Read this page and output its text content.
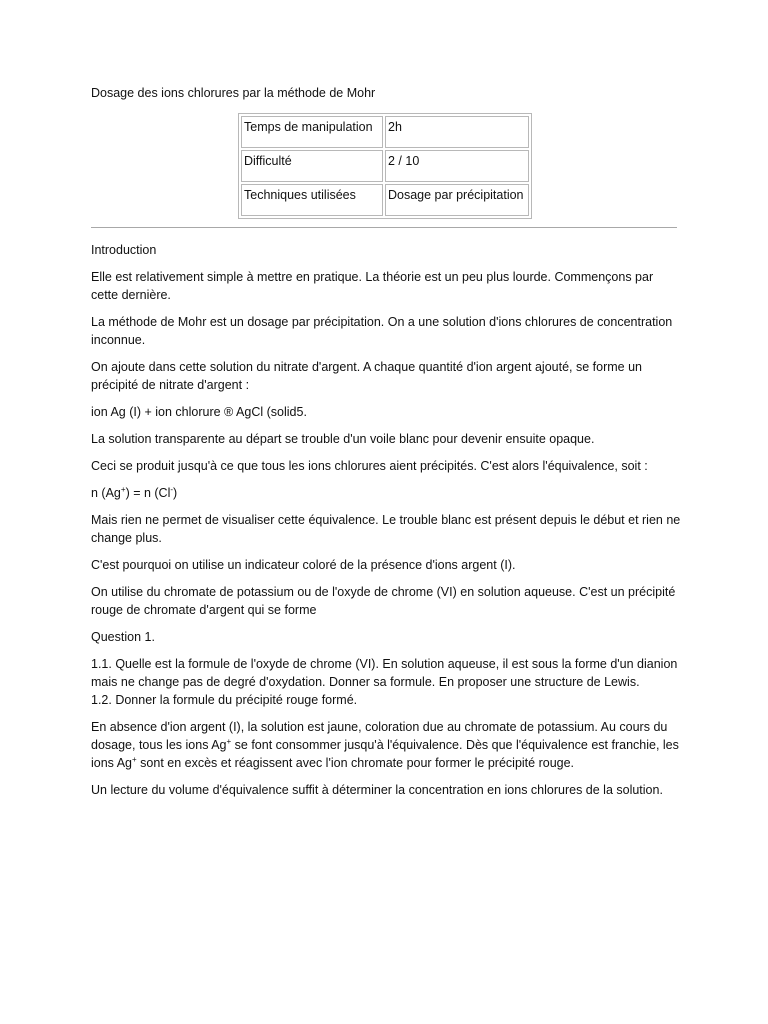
Dosage des ions chlorures par la méthode de Mohr
Temps de manipulation	2h
Difficulté	2 / 10
Techniques utilisées	Dosage par précipitation

Introduction

Elle est relativement simple à mettre en pratique. La théorie est un peu plus lourde. Commençons par cette dernière.

La méthode de Mohr est un dosage par précipitation. On a une solution d'ions chlorures de concentration inconnue.

On ajoute dans cette solution du nitrate d'argent. A chaque quantité d'ion argent ajouté, se forme un précipité de nitrate d'argent :

ion Ag (I) + ion chlorure ® AgCl (solid5.

La solution transparente au départ se trouble d'un voile blanc pour devenir ensuite opaque.

Ceci se produit jusqu'à ce que tous les ions chlorures aient précipités. C'est alors l'équivalence, soit :

n (Ag+) = n (Cl-)

Mais rien ne permet de visualiser cette équivalence. Le trouble blanc est présent depuis le début et rien ne change plus.

C'est pourquoi on utilise un indicateur coloré de la présence d'ions argent (I).

On utilise du chromate de potassium ou de l'oxyde de chrome (VI) en solution aqueuse. C'est un précipité rouge de chromate d'argent qui se forme

Question 1.

1.1. Quelle est la formule de l'oxyde de chrome (VI). En solution aqueuse, il est sous la forme d'un dianion mais ne change pas de degré d'oxydation. Donner sa formule. En proposer une structure de Lewis.

1.2. Donner la formule du précipité rouge formé.

En absence d'ion argent (I), la solution est jaune, coloration due au chromate de potassium. Au cours du dosage, tous les ions Ag+ se font consommer jusqu'à l'équivalence. Dès que l'équivalence est franchie, les ions Ag+ sont en excès et réagissent avec l'ion chromate pour former le précipité rouge.

Un lecture du volume d'équivalence suffit à déterminer la concentration en ions chlorures de la solution.
